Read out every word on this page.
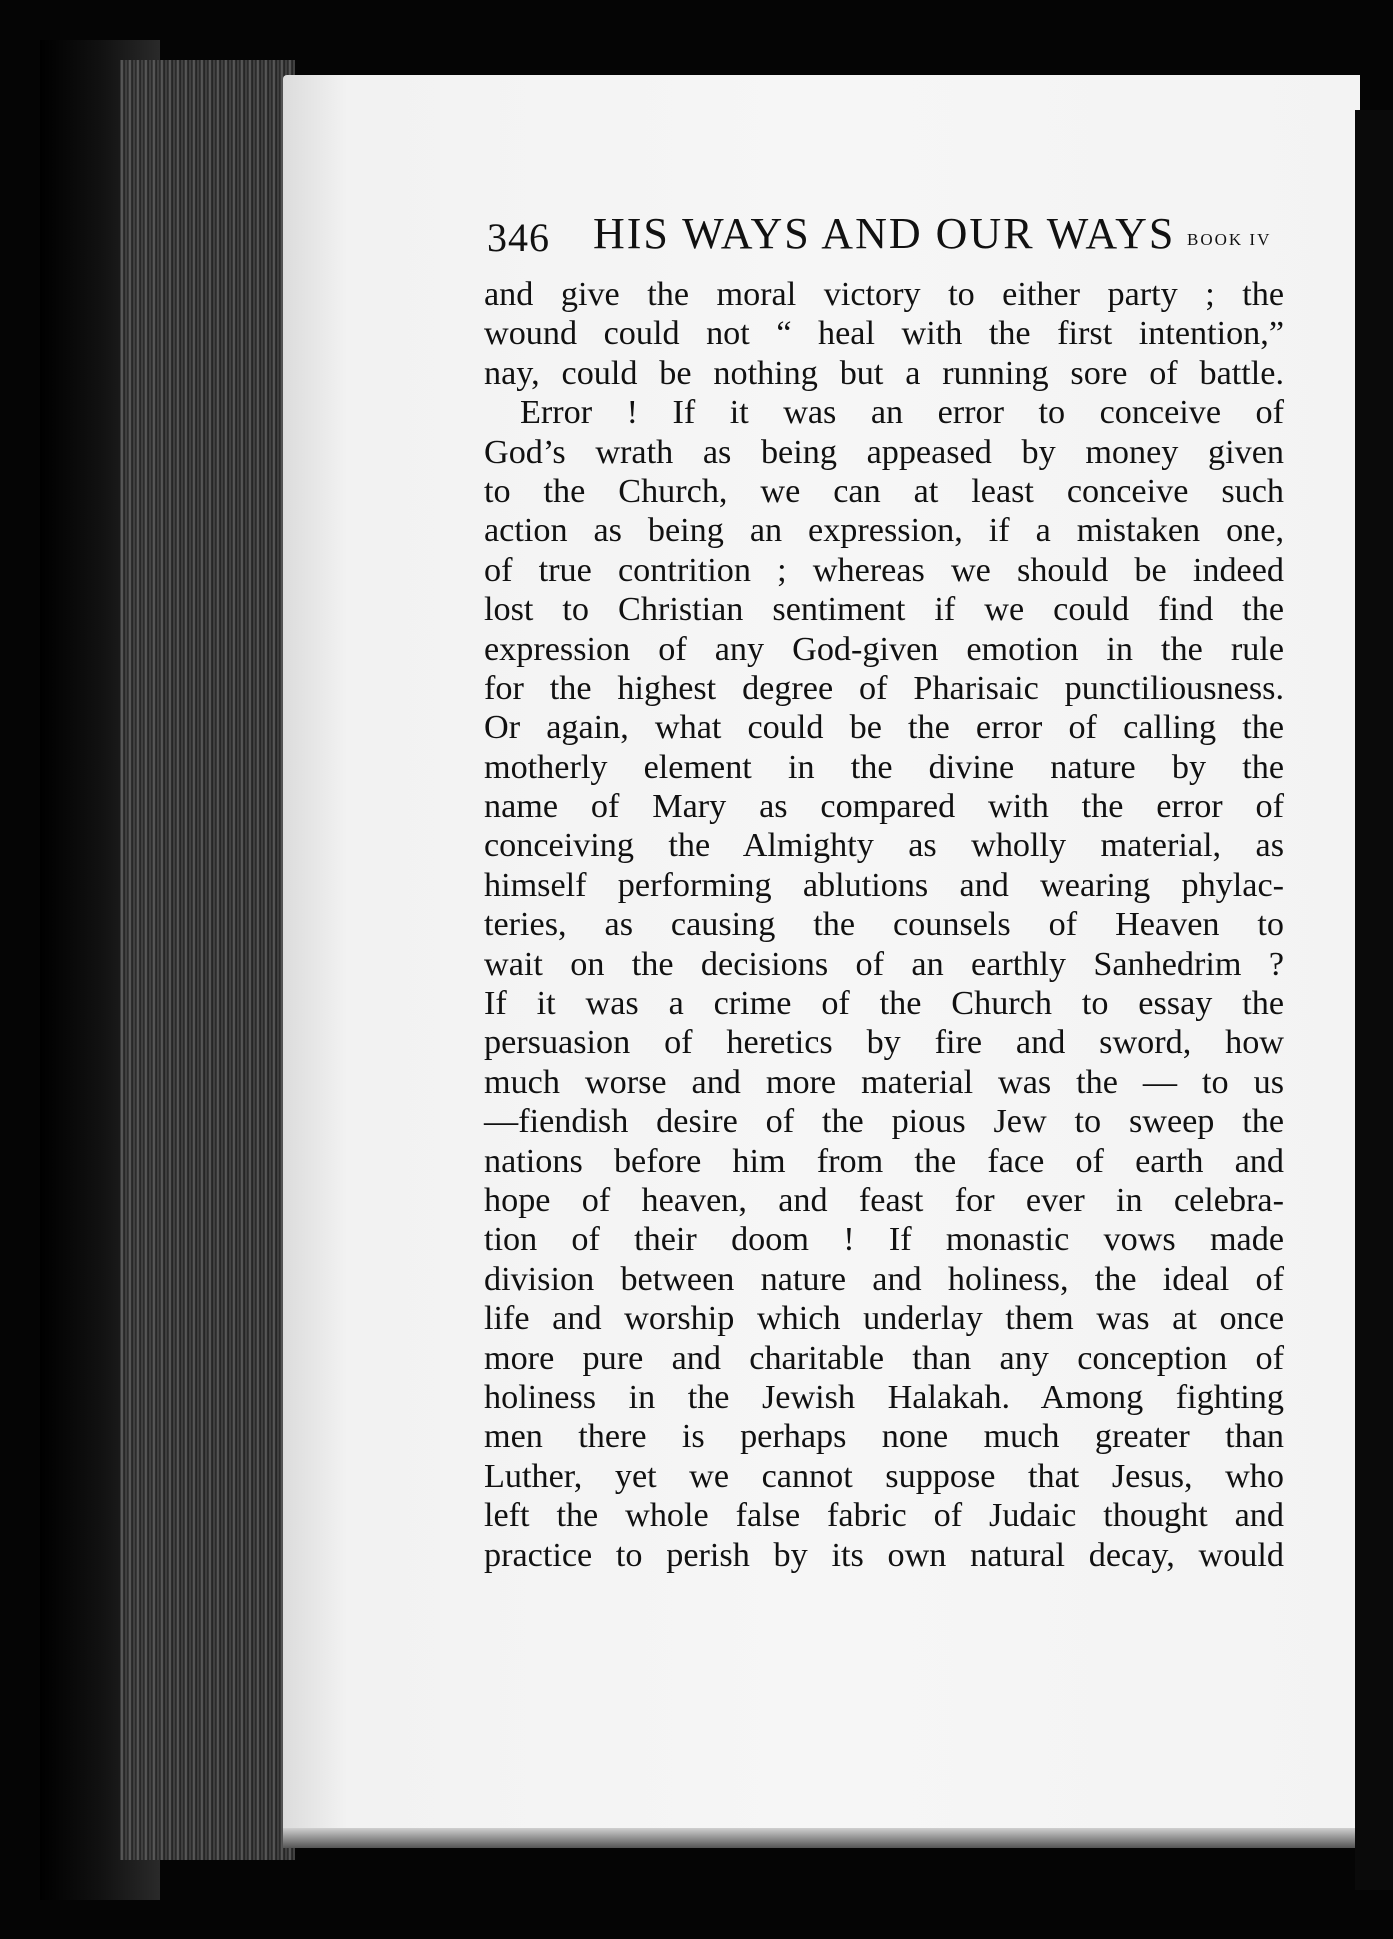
346 HIS WAYS AND OUR WAYS BOOK IV
and give the moral victory to either party ; the
wound could not “ heal with the first intention,”
nay, could be nothing but a running sore of battle.
Error ! If it was an error to conceive of
God’s wrath as being appeased by money given
to the Church, we can at least conceive such
action as being an expression, if a mistaken one,
of true contrition ; whereas we should be indeed
lost to Christian sentiment if we could find the
expression of any God-given emotion in the rule
for the highest degree of Pharisaic punctiliousness.
Or again, what could be the error of calling the
motherly element in the divine nature by the
name of Mary as compared with the error of
conceiving the Almighty as wholly material, as
himself performing ablutions and wearing phylac-
teries, as causing the counsels of Heaven to
wait on the decisions of an earthly Sanhedrim ?
If it was a crime of the Church to essay the
persuasion of heretics by fire and sword, how
much worse and more material was the — to us
—fiendish desire of the pious Jew to sweep the
nations before him from the face of earth and
hope of heaven, and feast for ever in celebra-
tion of their doom ! If monastic vows made
division between nature and holiness, the ideal of
life and worship which underlay them was at once
more pure and charitable than any conception of
holiness in the Jewish Halakah. Among fighting
men there is perhaps none much greater than
Luther, yet we cannot suppose that Jesus, who
left the whole false fabric of Judaic thought and
practice to perish by its own natural decay, would
